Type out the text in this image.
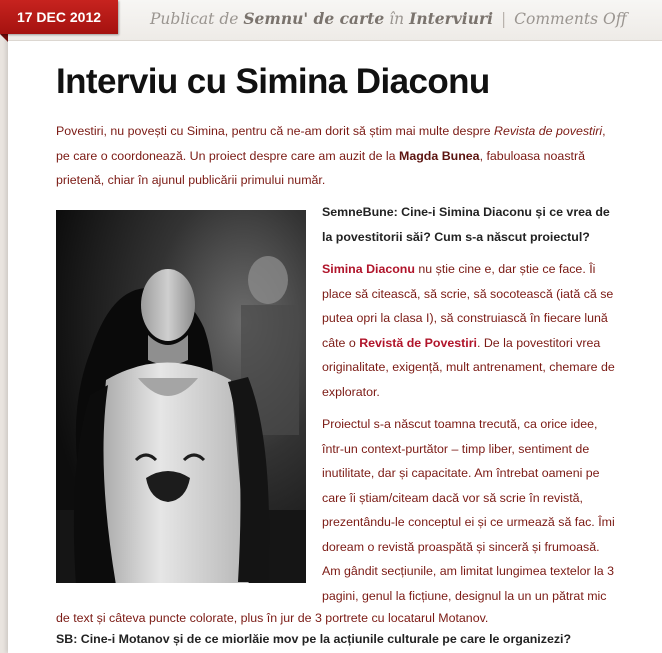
Publicat de Semnu' de carte în Interviuri | Comments Off
17 DEC 2012
Interviu cu Simina Diaconu

Povestiri, nu povești cu Simina, pentru că ne-am dorit să știm mai multe despre Revista de povestiri, pe care o coordonează. Un proiect despre care am auzit de la Magda Bunea, fabuloasa noastră prietenă, chiar în ajunul publicării primului număr.

SemneBune: Cine-i Simina Diaconu și ce vrea de la povestitorii săi? Cum s-a născut proiectul?

Simina Diaconu nu știe cine e, dar știe ce face. Îi place să citească, să scrie, să socotească (iată că se putea opri la clasa I), să construiască în fiecare lună câte o Revistă de Povestiri. De la povestitori vrea originalitate, exigență, mult antrenament, chemare de explorator.

Proiectul s-a născut toamna trecută, ca orice idee, într-un context-purtător – timp liber, sentiment de inutilitate, dar și capacitate. Am întrebat oameni pe care îi știam/citeam dacă vor să scrie în revistă, prezentându-le conceptul ei și ce urmează să fac. Îmi doream o revistă proaspătă și sinceră și frumoasă. Am gândit secțiunile, am limitat lungimea textelor la 3 pagini, genul la ficțiune, designul la un un pătrat mic

de text și câteva puncte colorate, plus în jur de 3 portrete cu locatarul Motanov.

SB: Cine-i Motanov și de ce miorlăie mov pe la acțiunile culturale pe care le organizezi?
